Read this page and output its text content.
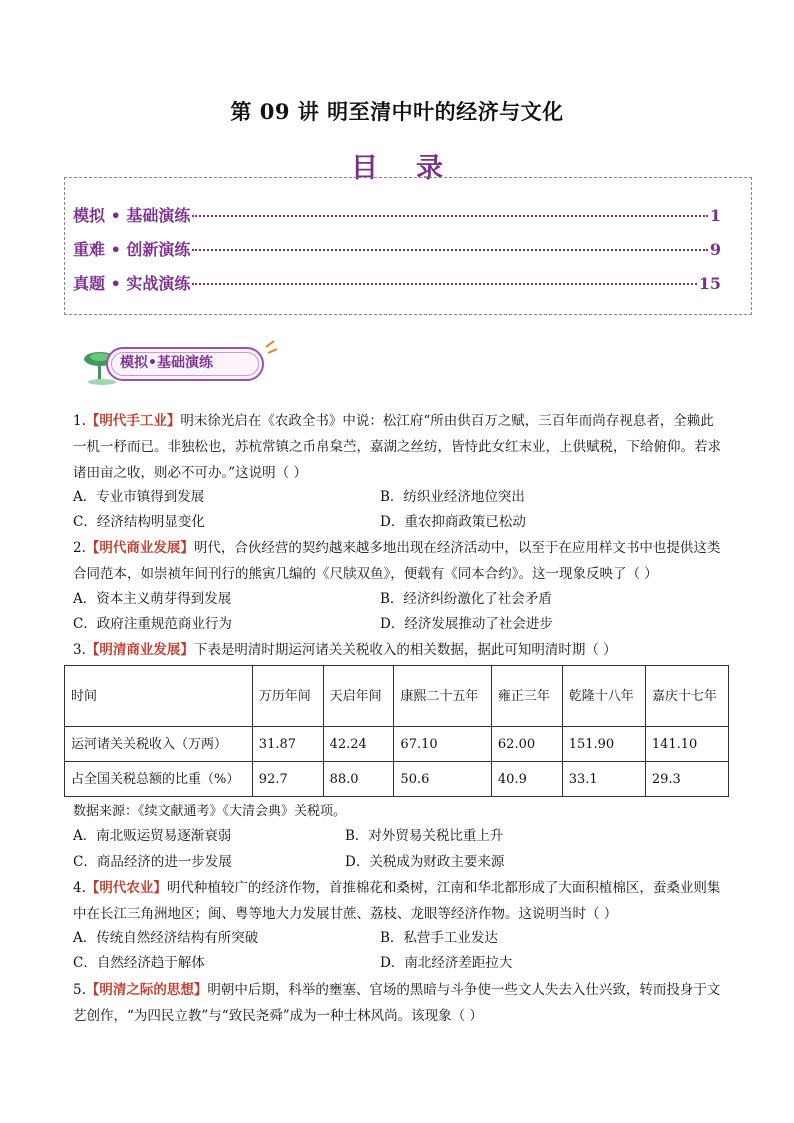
第 09 讲 明至清中叶的经济与文化
目录
模拟 • 基础演练	1
重难 • 创新演练	9
真题 • 实战演练	15
模拟•基础演练
1.【明代手工业】明末徐光启在《农政全书》中说：松江府“所由供百万之赋，三百年而尚存视息者，全赖此一机一杼而已。非独松也，苏杭常镇之币帛枲苎，嘉湖之丝纺，皆恃此女红末业，上供赋税，下给俯仰。若求诸田亩之收，则必不可办。”这说明（ ）
A．专业市镇得到发展	B．纺织业经济地位突出
C．经济结构明显变化	D．重农抑商政策已松动
2.【明代商业发展】明代，合伙经营的契约越来越多地出现在经济活动中，以至于在应用样文书中也提供这类合同范本，如崇祯年间刊行的熊寅几编的《尺牍双鱼》，便载有《同本合约》。这一现象反映了（ ）
A．资本主义萌芽得到发展	B．经济纠纷激化了社会矛盾
C．政府注重规范商业行为	D．经济发展推动了社会进步
3.【明清商业发展】下表是明清时期运河诸关关税收入的相关数据，据此可知明清时期（ ）
时间	万历年间	天启年间	康熙二十五年	雍正三年	乾隆十八年	嘉庆十七年
运河诸关关税收入（万两）	31.87	42.24	67.10	62.00	151.90	141.10
占全国关税总额的比重（%）	92.7	88.0	50.6	40.9	33.1	29.3
数据来源：《续文献通考》《大清会典》关税项。
A．南北贩运贸易逐渐衰弱	B．对外贸易关税比重上升
C．商品经济的进一步发展	D．关税成为财政主要来源
4.【明代农业】明代种植较广的经济作物，首推棉花和桑树，江南和华北都形成了大面积植棉区，蚕桑业则集中在长江三角洲地区；闽、粤等地大力发展甘蔗、荔枝、龙眼等经济作物。这说明当时（ ）
A．传统自然经济结构有所突破	B．私营手工业发达
C．自然经济趋于解体	D．南北经济差距拉大
5.【明清之际的思想】明朝中后期，科举的壅塞、官场的黑暗与斗争使一些文人失去入仕兴致，转而投身于文艺创作，“为四民立教”与“致民尧舜”成为一种士林风尚。该现象（ ）
